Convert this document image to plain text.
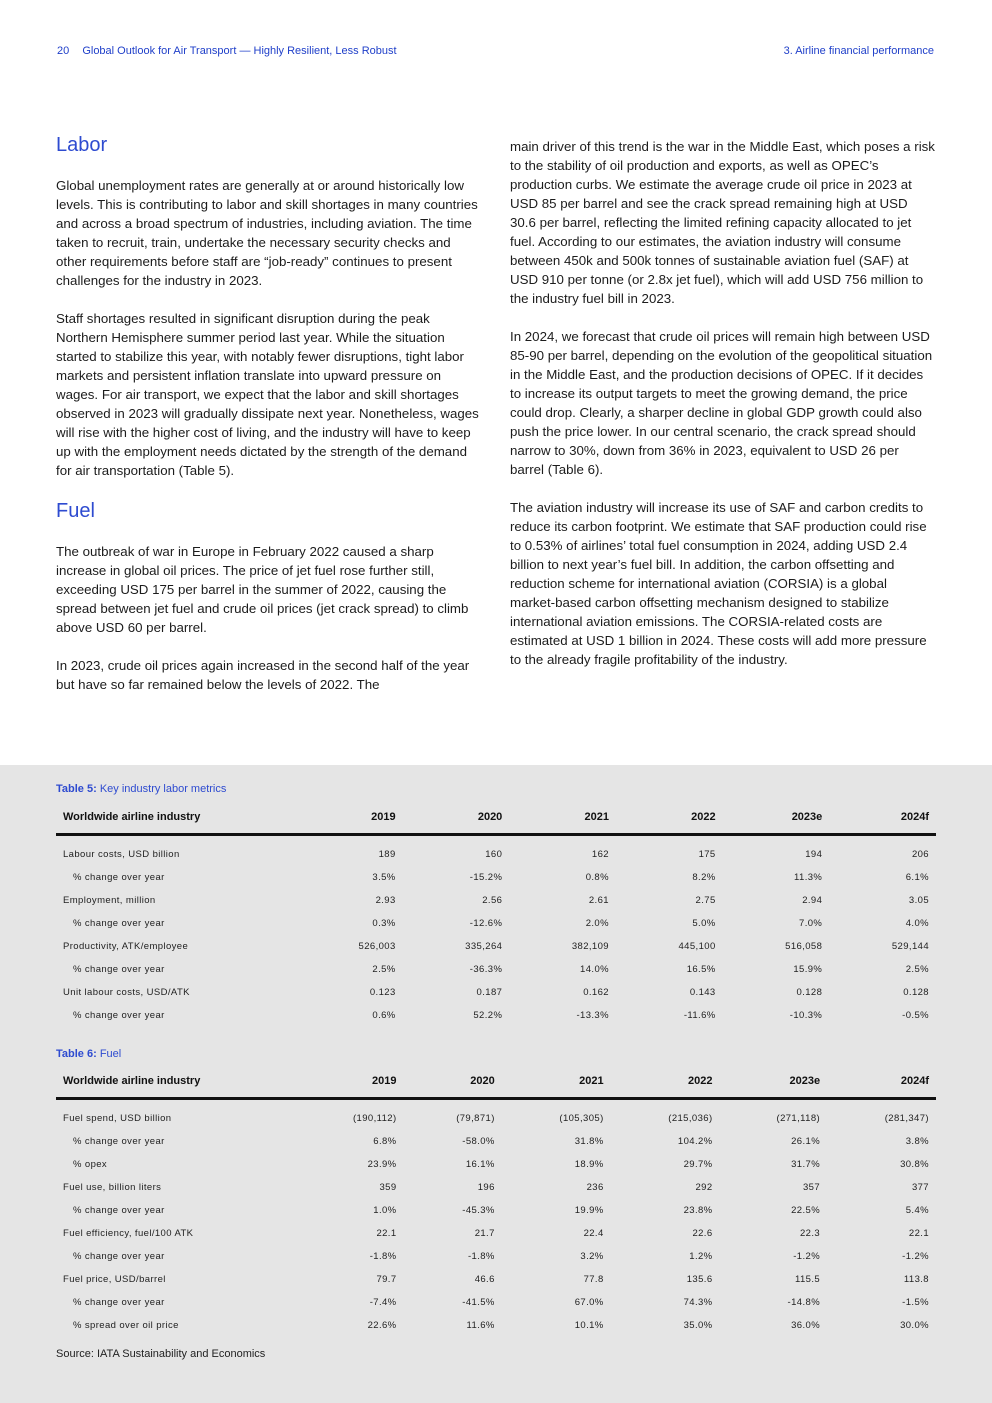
20 Global Outlook for Air Transport — Highly Resilient, Less Robust	3. Airline financial performance
Labor

Global unemployment rates are generally at or around historically low levels. This is contributing to labor and skill shortages in many countries and across a broad spectrum of industries, including aviation. The time taken to recruit, train, undertake the necessary security checks and other requirements before staff are “job-ready” continues to present challenges for the industry in 2023.

Staff shortages resulted in significant disruption during the peak Northern Hemisphere summer period last year. While the situation started to stabilize this year, with notably fewer disruptions, tight labor markets and persistent inflation translate into upward pressure on wages. For air transport, we expect that the labor and skill shortages observed in 2023 will gradually dissipate next year. Nonetheless, wages will rise with the higher cost of living, and the industry will have to keep up with the employment needs dictated by the strength of the demand for air transportation (Table 5).

Fuel

The outbreak of war in Europe in February 2022 caused a sharp increase in global oil prices. The price of jet fuel rose further still, exceeding USD 175 per barrel in the summer of 2022, causing the spread between jet fuel and crude oil prices (jet crack spread) to climb above USD 60 per barrel.

In 2023, crude oil prices again increased in the second half of the year but have so far remained below the levels of 2022. The

main driver of this trend is the war in the Middle East, which poses a risk to the stability of oil production and exports, as well as OPEC’s production curbs. We estimate the average crude oil price in 2023 at USD 85 per barrel and see the crack spread remaining high at USD 30.6 per barrel, reflecting the limited refining capacity allocated to jet fuel. According to our estimates, the aviation industry will consume between 450k and 500k tonnes of sustainable aviation fuel (SAF) at USD 910 per tonne (or 2.8x jet fuel), which will add USD 756 million to the industry fuel bill in 2023.

In 2024, we forecast that crude oil prices will remain high between USD 85-90 per barrel, depending on the evolution of the geopolitical situation in the Middle East, and the production decisions of OPEC. If it decides to increase its output targets to meet the growing demand, the price could drop. Clearly, a sharper decline in global GDP growth could also push the price lower. In our central scenario, the crack spread should narrow to 30%, down from 36% in 2023, equivalent to USD 26 per barrel (Table 6).

The aviation industry will increase its use of SAF and carbon credits to reduce its carbon footprint. We estimate that SAF production could rise to 0.53% of airlines’ total fuel consumption in 2024, adding USD 2.4 billion to next year’s fuel bill. In addition, the carbon offsetting and reduction scheme for international aviation (CORSIA) is a global market-based carbon offsetting mechanism designed to stabilize international aviation emissions. The CORSIA-related costs are estimated at USD 1 billion in 2024. These costs will add more pressure to the already fragile profitability of the industry.

Table 5: Key industry labor metrics
Worldwide airline industry	2019	2020	2021	2022	2023e	2024f

Labour costs, USD billion	189	160	162	175	194	206
% change over year	3.5%	-15.2%	0.8%	8.2%	11.3%	6.1%
Employment, million	2.93	2.56	2.61	2.75	2.94	3.05
% change over year	0.3%	-12.6%	2.0%	5.0%	7.0%	4.0%
Productivity, ATK/employee	526,003	335,264	382,109	445,100	516,058	529,144
% change over year	2.5%	-36.3%	14.0%	16.5%	15.9%	2.5%
Unit labour costs, USD/ATK	0.123	0.187	0.162	0.143	0.128	0.128
% change over year	0.6%	52.2%	-13.3%	-11.6%	-10.3%	-0.5%
Table 6: Fuel
Worldwide airline industry	2019	2020	2021	2022	2023e	2024f

Fuel spend, USD billion	(190,112)	(79,871)	(105,305)	(215,036)	(271,118)	(281,347)
% change over year	6.8%	-58.0%	31.8%	104.2%	26.1%	3.8%
% opex	23.9%	16.1%	18.9%	29.7%	31.7%	30.8%
Fuel use, billion liters	359	196	236	292	357	377
% change over year	1.0%	-45.3%	19.9%	23.8%	22.5%	5.4%
Fuel efficiency, fuel/100 ATK	22.1	21.7	22.4	22.6	22.3	22.1
% change over year	-1.8%	-1.8%	3.2%	1.2%	-1.2%	-1.2%
Fuel price, USD/barrel	79.7	46.6	77.8	135.6	115.5	113.8
% change over year	-7.4%	-41.5%	67.0%	74.3%	-14.8%	-1.5%
% spread over oil price	22.6%	11.6%	10.1%	35.0%	36.0%	30.0%
Source: IATA Sustainability and Economics
